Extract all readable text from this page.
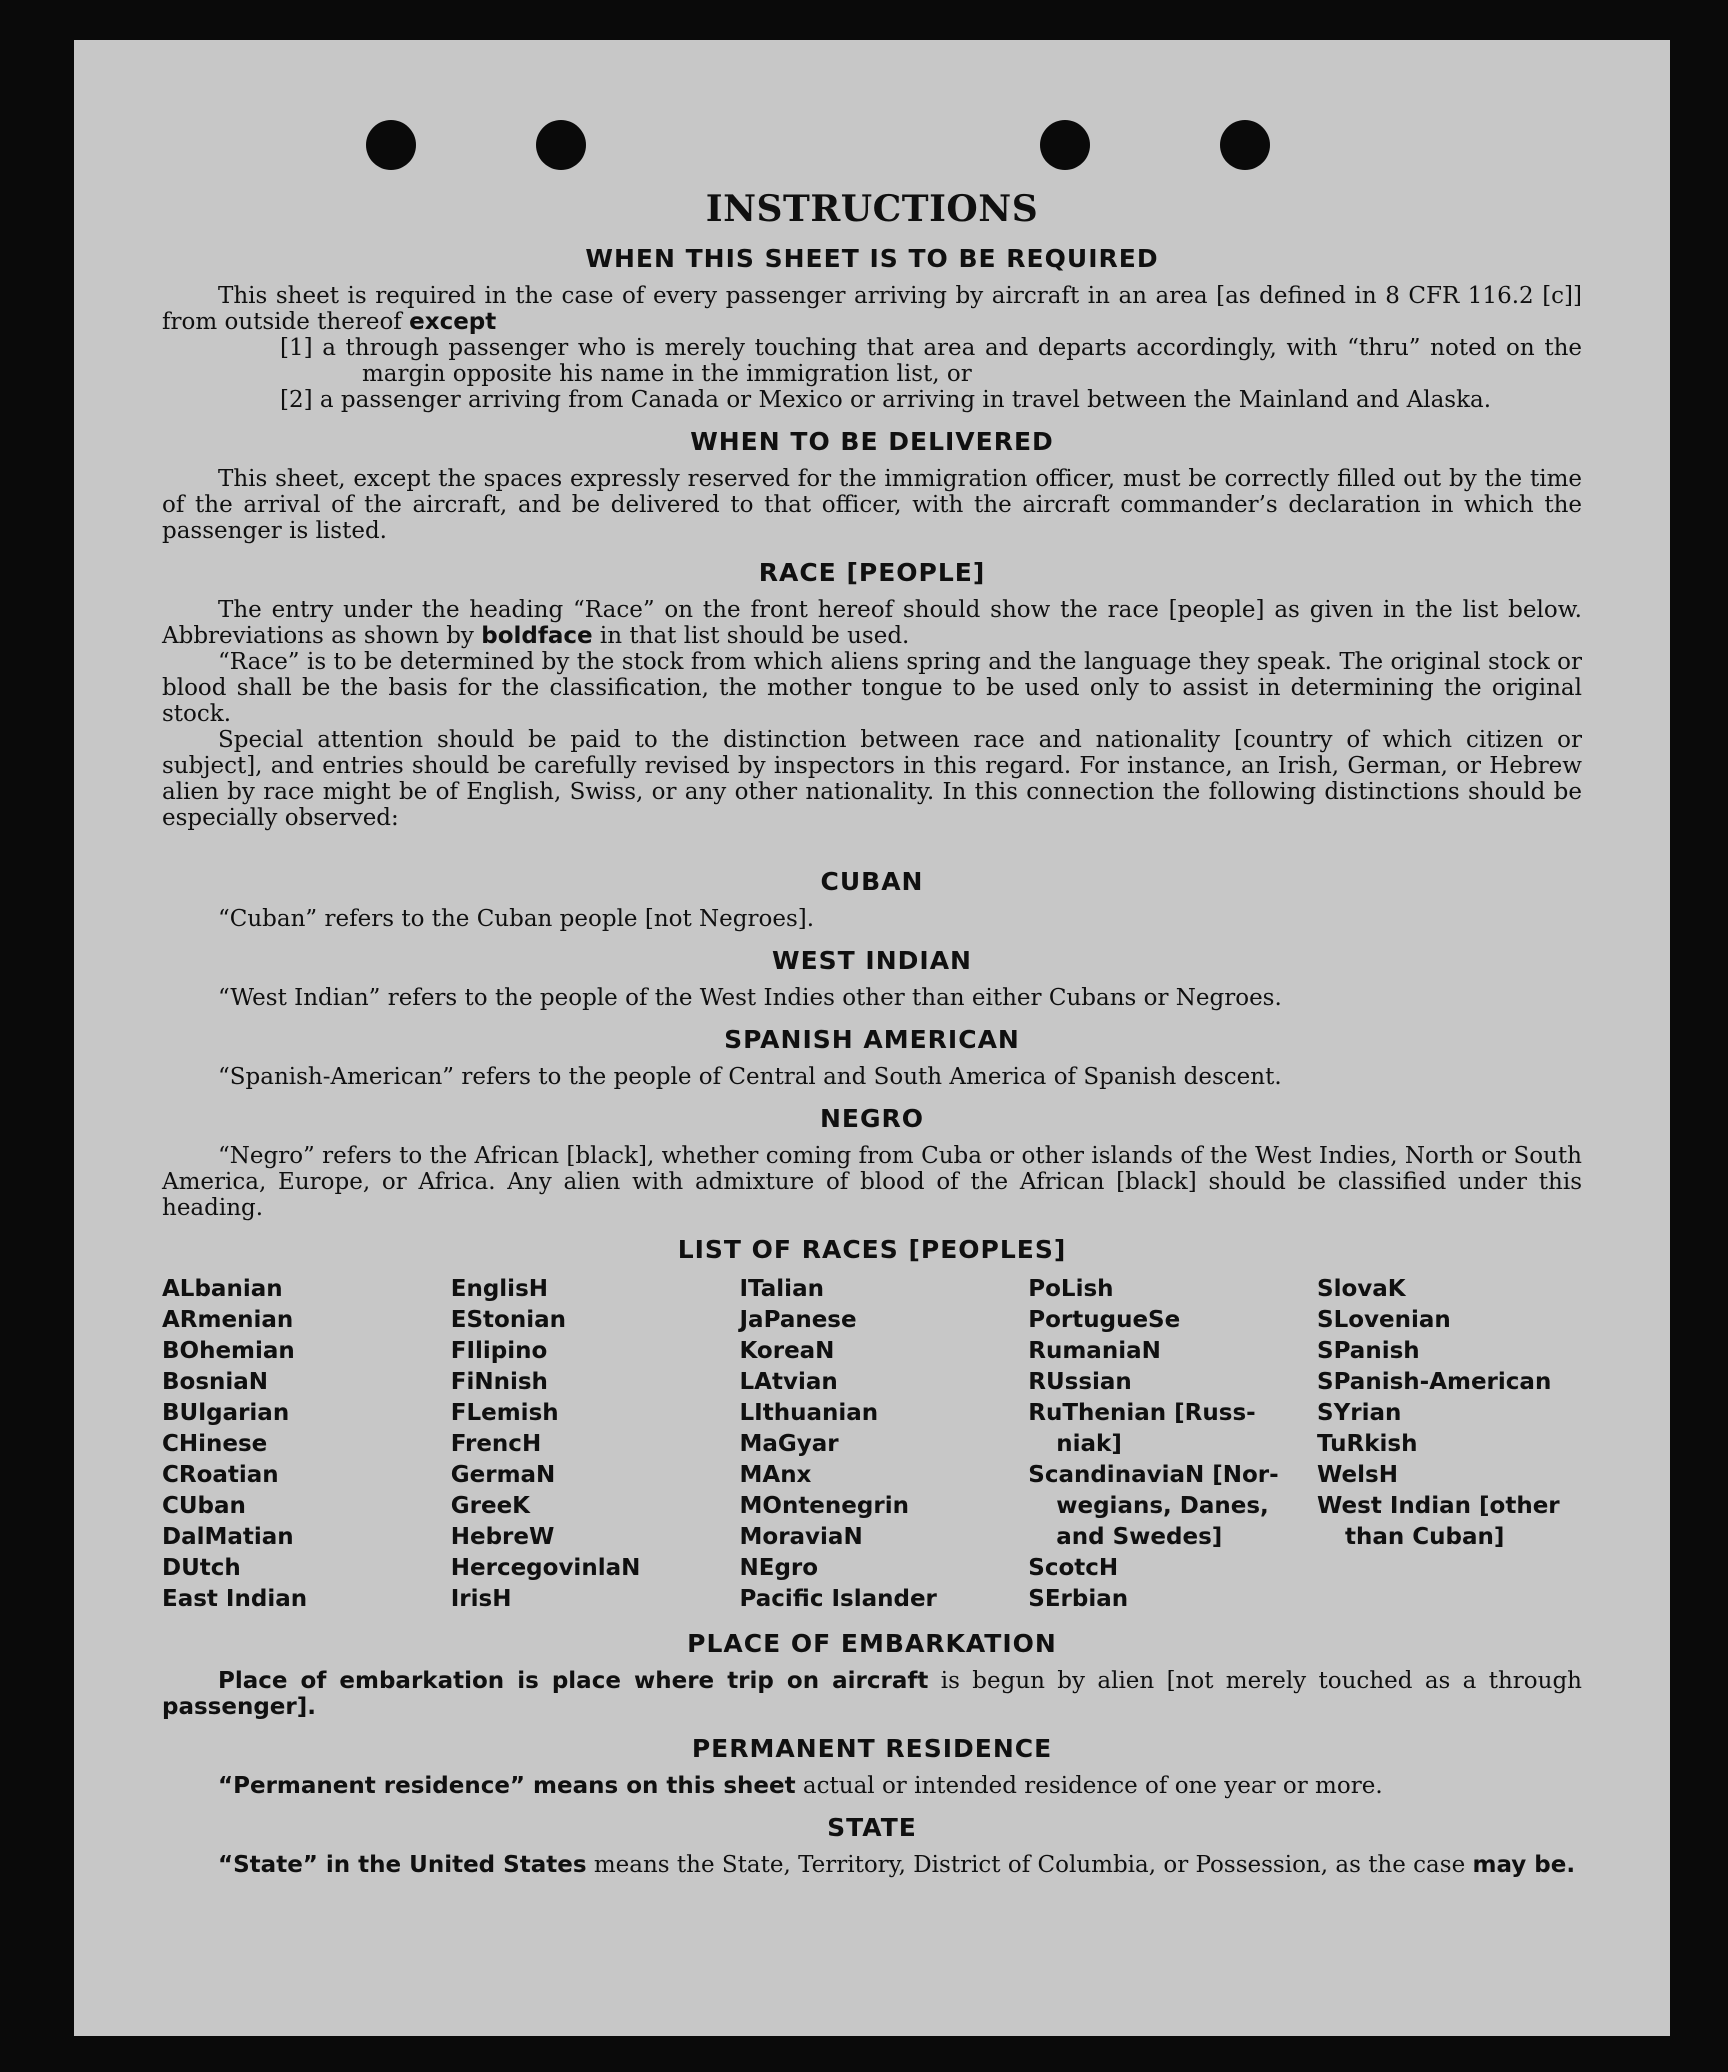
INSTRUCTIONS
WHEN THIS SHEET IS TO BE REQUIRED

This sheet is required in the case of every passenger arriving by aircraft in an area [as defined in 8 CFR 116.2 [c]] from outside thereof except

[1] a through passenger who is merely touching that area and departs accordingly, with “thru” noted on the margin opposite his name in the immigration list, or
[2] a passenger arriving from Canada or Mexico or arriving in travel between the Mainland and Alaska.
WHEN TO BE DELIVERED

This sheet, except the spaces expressly reserved for the immigration officer, must be correctly filled out by the time of the arrival of the aircraft, and be delivered to that officer, with the aircraft commander’s declaration in which the passenger is listed.

RACE [PEOPLE]

The entry under the heading “Race” on the front hereof should show the race [people] as given in the list below. Abbreviations as shown by boldface in that list should be used.

“Race” is to be determined by the stock from which aliens spring and the language they speak. The original stock or blood shall be the basis for the classification, the mother tongue to be used only to assist in determining the original stock.

Special attention should be paid to the distinction between race and nationality [country of which citizen or subject], and entries should be carefully revised by inspectors in this regard. For instance, an Irish, German, or Hebrew alien by race might be of English, Swiss, or any other nationality. In this connection the following distinctions should be especially observed:

CUBAN

“Cuban” refers to the Cuban people [not Negroes].

WEST INDIAN

“West Indian” refers to the people of the West Indies other than either Cubans or Negroes.

SPANISH AMERICAN

“Spanish-American” refers to the people of Central and South America of Spanish descent.

NEGRO

“Negro” refers to the African [black], whether coming from Cuba or other islands of the West Indies, North or South America, Europe, or Africa. Any alien with admixture of blood of the African [black] should be classified under this heading.

LIST OF RACES [PEOPLES]
ALbanian
ARmenian
BOhemian
BosniaN
BUlgarian
CHinese
CRoatian
CUban
DalMatian
DUtch
East Indian
EnglisH
EStonian
FIlipino
FiNnish
FLemish
FrencH
GermaN
GreeK
HebreW
HercegovinlaN
IrisH
ITalian
JaPanese
KoreaN
LAtvian
LIthuanian
MaGyar
MAnx
MOntenegrin
MoraviaN
NEgro
Pacific Islander
PoLish
PortugueSe
RumaniaN
RUssian
RuThenian [Russ-
niak]
ScandinaviaN [Nor-
wegians, Danes,
and Swedes]
ScotcH
SErbian
SlovaK
SLovenian
SPanish
SPanish-American
SYrian
TuRkish
WelsH
West Indian [other
than Cuban]
PLACE OF EMBARKATION

Place of embarkation is place where trip on aircraft is begun by alien [not merely touched as a through passenger].

PERMANENT RESIDENCE

“Permanent residence” means on this sheet actual or intended residence of one year or more.

STATE

“State” in the United States means the State, Territory, District of Columbia, or Possession, as the case may be.
